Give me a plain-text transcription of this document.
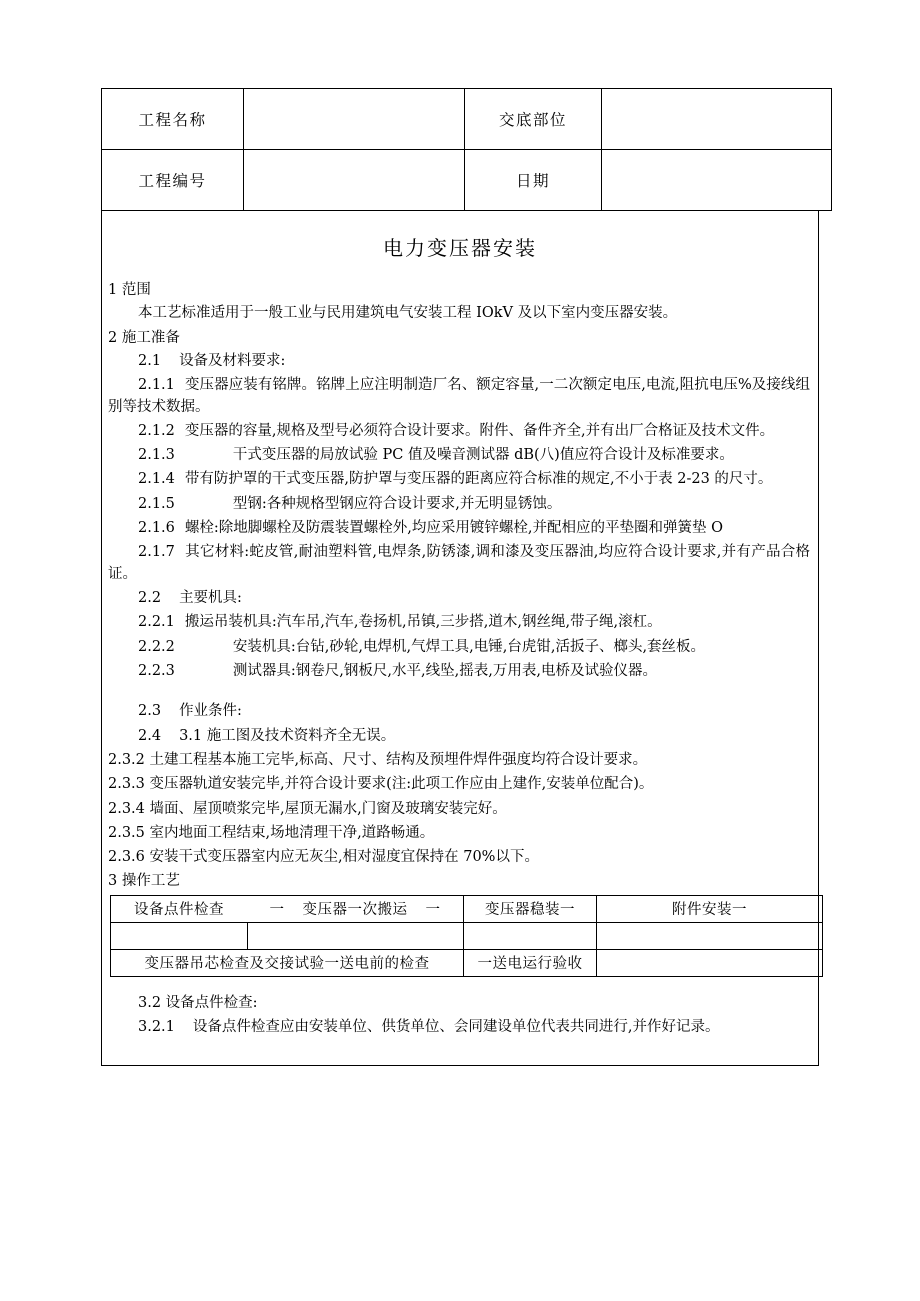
工程名称		交底部位	
工程编号		日期	
电力变压器安装
1 范围

本工艺标准适用于一般工业与民用建筑电气安装工程 IOkV 及以下室内变压器安装。

2 施工准备

2.1 设备及材料要求:

2.1.1 变压器应装有铭牌。铭牌上应注明制造厂名、额定容量,一二次额定电压,电流,阻抗电压%及接线组别等技术数据。

2.1.2 变压器的容量,规格及型号必须符合设计要求。附件、备件齐全,并有出厂合格证及技术文件。

2.1.3	干式变压器的局放试验 PC 值及噪音测试器 dB(八)值应符合设计及标准要求。

2.1.4 带有防护罩的干式变压器,防护罩与变压器的距离应符合标准的规定,不小于表 2-23 的尺寸。

2.1.5	型钢:各种规格型钢应符合设计要求,并无明显锈蚀。

2.1.6 螺栓:除地脚螺栓及防震装置螺栓外,均应采用镀锌螺栓,并配相应的平垫圈和弹簧垫 O

2.1.7 其它材料:蛇皮管,耐油塑料管,电焊条,防锈漆,调和漆及变压器油,均应符合设计要求,并有产品合格证。

2.2 主要机具:

2.2.1 搬运吊装机具:汽车吊,汽车,卷扬机,吊镇,三步搭,道木,钢丝绳,带子绳,滚杠。

2.2.2	安装机具:台钻,砂轮,电焊机,气焊工具,电锤,台虎钳,活扳子、榔头,套丝板。

2.2.3	测试器具:钢卷尺,钢板尺,水平,线坠,摇表,万用表,电桥及试验仪器。

2.3 作业条件:

2.4 3.1 施工图及技术资料齐全无误。

2.3.2 土建工程基本施工完毕,标高、尺寸、结构及预埋件焊件强度均符合设计要求。

2.3.3 变压器轨道安装完毕,并符合设计要求(注:此项工作应由上建作,安装单位配合)。

2.3.4 墙面、屋顶喷浆完毕,屋顶无漏水,门窗及玻璃安装完好。

2.3.5 室内地面工程结束,场地清理干净,道路畅通。

2.3.6 安装干式变压器室内应无灰尘,相对湿度宜保持在 70%以下。

3 操作工艺
设备点件检查	一 变压器一次搬运 一	变压器稳装一	附件安装一

变压器吊芯检查及交接试验一送电前的检查		一送电运行验收	

3.2 设备点件检查:

3.2.1 设备点件检查应由安装单位、供货单位、会同建设单位代表共同进行,并作好记录。
